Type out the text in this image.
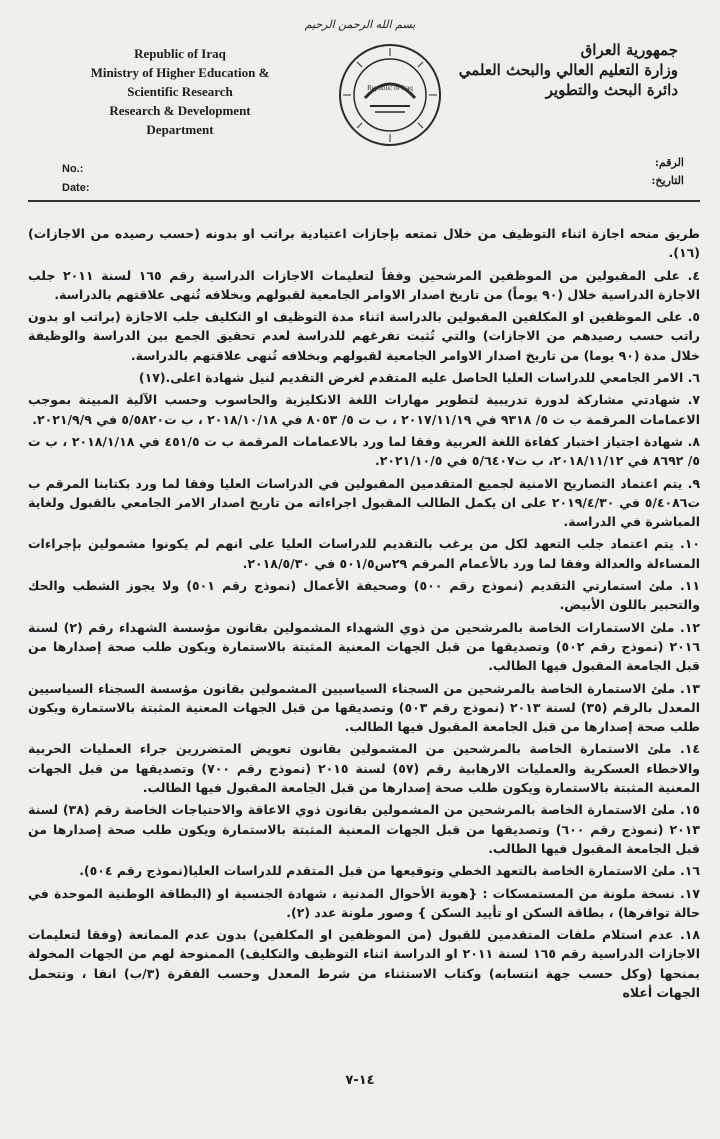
بسم الله الرحمن الرحيم
Republic of Iraq
Ministry of Higher Education &
Scientific Research
Research & Development
Department
Republic of Iraq
جمهورية العراق
وزارة التعليم العالي والبحث العلمي
دائرة البحث والتطوير
No.:
Date:
الرقم:
التاريخ:

طريق منحه اجازة اثناء التوظيف من خلال تمتعه بإجازات اعتيادية براتب او بدونه (حسب رصيده من الاجازات) (١٦).

٤. على المقبولين من الموظفين المرشحين وفقاً لتعليمات الاجازات الدراسية رقم ١٦٥ لسنة ٢٠١١ جلب الاجازة الدراسية خلال (٩٠ يوماً) من تاريخ اصدار الاوامر الجامعية لقبولهم وبخلافه تُنهى علاقتهم بالدراسة.

٥. على الموظفين او المكلفين المقبولين بالدراسة اثناء مدة التوظيف او التكليف جلب الاجازة (براتب او بدون راتب حسب رصيدهم من الاجازات) والتي تُثبت تفرغهم للدراسة لعدم تحقيق الجمع بين الدراسة والوظيفة خلال مدة (٩٠ يوما) من تاريخ اصدار الاوامر الجامعية لقبولهم وبخلافه تُنهى علاقتهم بالدراسة.

٦. الامر الجامعي للدراسات العليا الحاصل عليه المتقدم لغرض التقديم لنيل شهادة اعلى.(١٧)

٧. شهادتي مشاركة لدورة تدريبية لتطوير مهارات اللغة الانكليزية والحاسوب وحسب الآلية المبينة بموجب الاعمامات المرقمة ب ت ٥/ ٩٣١٨ في ٢٠١٧/١١/١٩ ، ب ت ٥/ ٨٠٥٣ في ٢٠١٨/١٠/١٨ ، ب ت٥/٥٨٢٠ في ٢٠٢١/٩/٩.

٨. شهادة اجتياز اختبار كفاءة اللغة العربية وفقا لما ورد بالاعمامات المرقمة ب ت ٤٥١/٥ في ٢٠١٨/١/١٨ ، ب ت ٥/ ٨٦٩٢ في ٢٠١٨/١١/١٢، ب ت٥/٦٤٠٧ في ٢٠٢١/١٠/٥.

٩. يتم اعتماد التصاريح الامنية لجميع المتقدمين المقبولين في الدراسات العليا وفقا لما ورد بكتابنا المرقم ب ت٥/٤٠٨٦ في ٢٠١٩/٤/٣٠ على ان يكمل الطالب المقبول اجراءاته من تاريخ اصدار الامر الجامعي بالقبول ولغاية المباشرة في الدراسة.

١٠. يتم اعتماد جلب التعهد لكل من يرغب بالتقديم للدراسات العليا على انهم لم يكونوا مشمولين بإجراءات المساءلة والعدالة وفقا لما ورد بالأعمام المرقم ٢٩س٥٠١/٥ في ٢٠١٨/٥/٣٠.

١١. ملئ استمارتي التقديم (نموذج رقم ٥٠٠) وصحيفة الأعمال (نموذج رقم ٥٠١) ولا يجوز الشطب والحك والتحبير باللون الأبيض.

١٢. ملئ الاستمارات الخاصة بالمرشحين من ذوي الشهداء المشمولين بقانون مؤسسة الشهداء رقم (٢) لسنة ٢٠١٦ (نموذج رقم ٥٠٢) وتصديقها من قبل الجهات المعنية المثبتة بالاستمارة ويكون طلب صحة إصدارها من قبل الجامعة المقبول فيها الطالب.

١٣. ملئ الاستمارة الخاصة بالمرشحين من السجناء السياسيين المشمولين بقانون مؤسسة السجناء السياسيين المعدل بالرقم (٣٥) لسنة ٢٠١٣ (نموذج رقم ٥٠٣) وتصديقها من قبل الجهات المعنية المثبتة بالاستمارة ويكون طلب صحة إصدارها من قبل الجامعة المقبول فيها الطالب.

١٤. ملئ الاستمارة الخاصة بالمرشحين من المشمولين بقانون تعويض المتضررين جراء العمليات الحربية والاخطاء العسكرية والعمليات الارهابية رقم (٥٧) لسنة ٢٠١٥ (نموذج رقم ٧٠٠) وتصديقها من قبل الجهات المعنية المثبتة بالاستمارة ويكون طلب صحة إصدارها من قبل الجامعة المقبول فيها الطالب.

١٥. ملئ الاستمارة الخاصة بالمرشحين من المشمولين بقانون ذوي الاعاقة والاحتياجات الخاصة رقم (٣٨) لسنة ٢٠١٣ (نموذج رقم ٦٠٠) وتصديقها من قبل الجهات المعنية المثبتة بالاستمارة ويكون طلب صحة إصدارها من قبل الجامعة المقبول فيها الطالب.

١٦. ملئ الاستمارة الخاصة بالتعهد الخطي وتوقيعها من قبل المتقدم للدراسات العليا(نموذج رقم ٥٠٤).

١٧. نسخة ملونة من المستمسكات : {هوية الأحوال المدنية ، شهادة الجنسية او (البطاقة الوطنية الموحدة في حالة توافرها) ، بطاقة السكن او تأييد السكن } وصور ملونة عدد (٢).

١٨. عدم استلام ملفات المتقدمين للقبول (من الموظفين او المكلفين) بدون عدم الممانعة (وفقا لتعليمات الاجازات الدراسية رقم ١٦٥ لسنة ٢٠١١ او الدراسة اثناء التوظيف والتكليف) الممنوحة لهم من الجهات المخولة بمنحها (وكل حسب جهة انتسابه) وكتاب الاستثناء من شرط المعدل وحسب الفقرة (٣/ب) انفا ، وتتحمل الجهات أعلاه

١٤-٧
